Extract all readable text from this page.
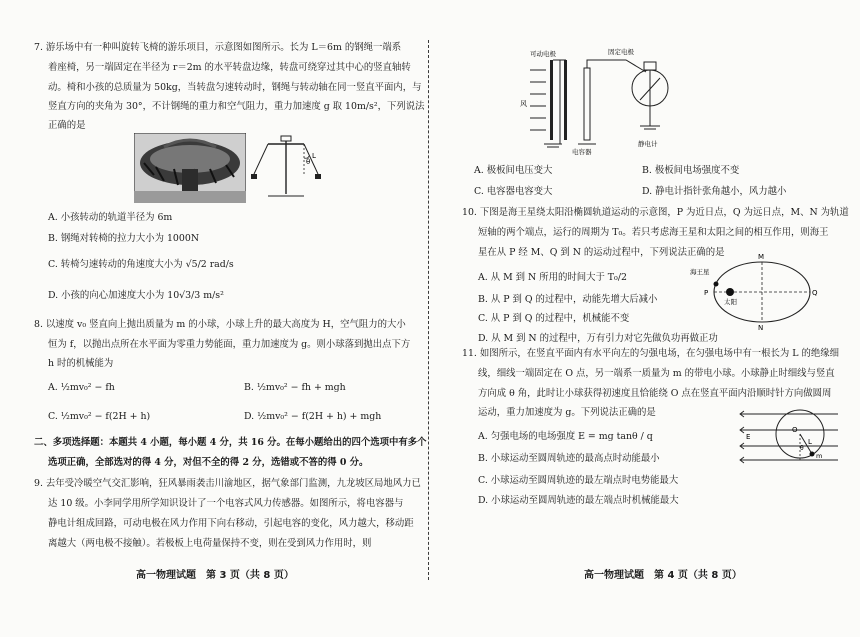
7. 游乐场中有一种叫旋转飞椅的游乐项目，示意图如图所示。长为 L＝6m 的钢绳一端系
着座椅，另一端固定在半径为 r＝2m 的水平转盘边缘，转盘可绕穿过其中心的竖直轴转
动。椅和小孩的总质量为 50kg，当转盘匀速转动时，钢绳与转动轴在同一竖直平面内，与
竖直方向的夹角为 30°，不计钢绳的重力和空气阻力，重力加速度 g 取 10m/s²，下列说法
正确的是
θ
L
A. 小孩转动的轨道半径为 6m
B. 钢绳对转椅的拉力大小为 1000N
C. 转椅匀速转动的角速度大小为 √5/2 rad/s
D. 小孩的向心加速度大小为 10√3/3 m/s²
8. 以速度 v₀ 竖直向上抛出质量为 m 的小球，小球上升的最大高度为 H，空气阻力的大小
恒为 f，以抛出点所在水平面为零重力势能面，重力加速度为 g。则小球落到抛出点下方
h 时的机械能为
A. ½mv₀² − fh	B. ½mv₀² − fh + mgh
C. ½mv₀² − f(2H + h)	D. ½mv₀² − f(2H + h) + mgh
二、多项选择题：本题共 4 小题，每小题 4 分，共 16 分。在每小题给出的四个选项中有多个
选项正确，全部选对的得 4 分，对但不全的得 2 分，选错或不答的得 0 分。
9. 去年受冷暖空气交汇影响，狂风暴雨袭击川渝地区，据气象部门监测，九龙坡区局地风力已
达 10 级。小李同学用所学知识设计了一个电容式风力传感器。如图所示，将电容器与
静电计组成回路，可动电极在风力作用下向右移动，引起电容的变化，风力越大，移动距
离越大（两电极不接触）。若极板上电荷量保持不变，则在受到风力作用时，则
高一物理试题　第 3 页（共 8 页）
可动电极	固定电极
风
电容器
静电计
A. 极板间电压变大	B. 极板间电场强度不变
C. 电容器电容变大	D. 静电计指针张角越小，风力越小
10. 下图是海王星绕太阳沿椭圆轨道运动的示意图，P 为近日点，Q 为远日点，M、N 为轨道
短轴的两个端点，运行的周期为 T₀。若只考虑海王星和太阳之间的相互作用，则海王
星在从 P 经 M、Q 到 N 的运动过程中，下列说法正确的是
A. 从 M 到 N 所用的时间大于 T₀/2
B. 从 P 到 Q 的过程中，动能先增大后减小
C. 从 P 到 Q 的过程中，机械能不变
D. 从 M 到 N 的过程中，万有引力对它先做负功再做正功
海王星
太阳
M
N
P	Q
11. 如图所示，在竖直平面内有水平向左的匀强电场，在匀强电场中有一根长为 L 的绝缘细
线，细线一端固定在 O 点，另一端系一质量为 m 的带电小球。小球静止时细线与竖直
方向成 θ 角，此时让小球获得初速度且恰能绕 O 点在竖直平面内沿顺时针方向做圆周
运动，重力加速度为 g。下列说法正确的是
A. 匀强电场的电场强度 E = mg tanθ / q
B. 小球运动至圆周轨迹的最高点时动能最小
C. 小球运动至圆周轨迹的最左端点时电势能最大
D. 小球运动至圆周轨迹的最左端点时机械能最大
E
O
L
θ
m
高一物理试题　第 4 页（共 8 页）
